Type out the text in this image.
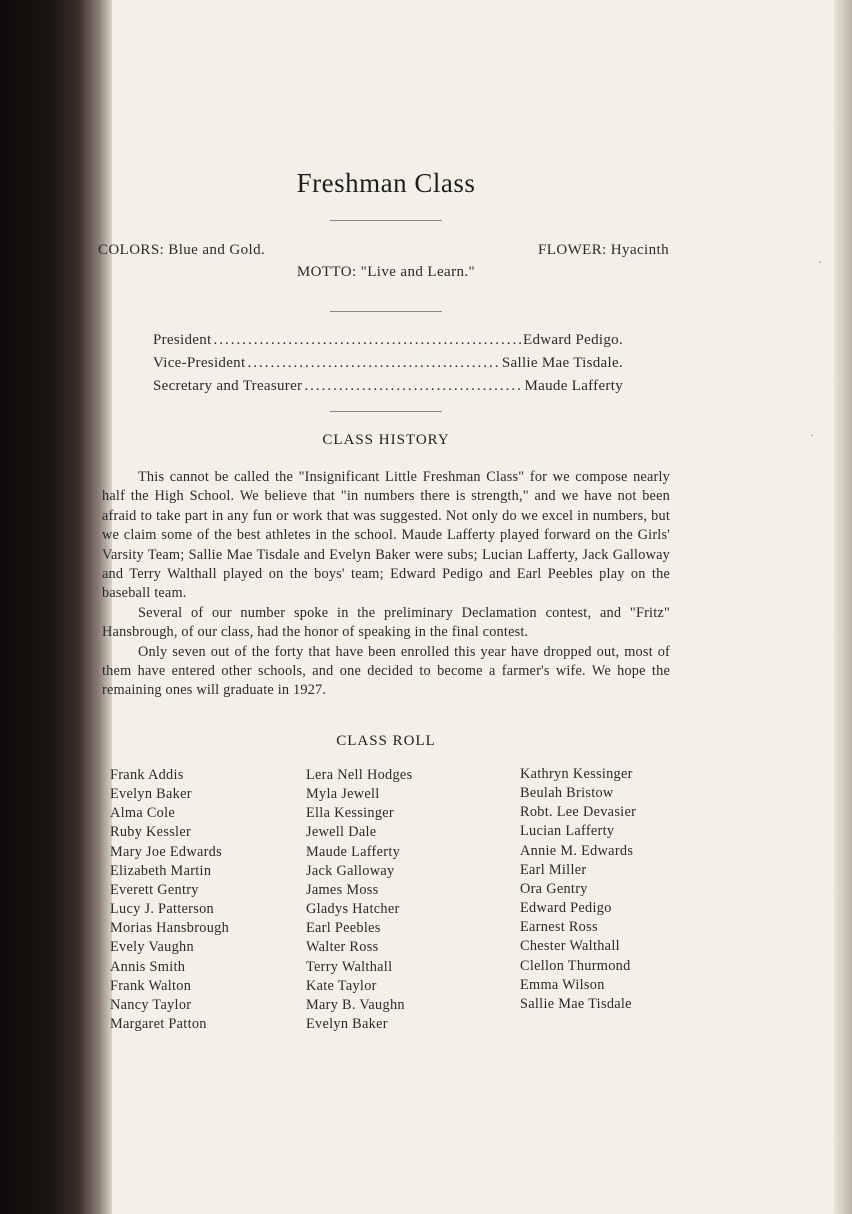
Freshman Class
COLORS: Blue and Gold.	FLOWER: Hyacinth
MOTTO: "Live and Learn."
President .....	Edward Pedigo.
Vice-President .....	Sallie Mae Tisdale.
Secretary and Treasurer .....	Maude Lafferty
CLASS HISTORY

This cannot be called the "Insignificant Little Freshman Class" for we compose nearly half the High School. We believe that "in numbers there is strength," and we have not been afraid to take part in any fun or work that was suggested. Not only do we excel in numbers, but we claim some of the best athletes in the school. Maude Lafferty played forward on the Girls' Varsity Team; Sallie Mae Tisdale and Evelyn Baker were subs; Lucian Lafferty, Jack Galloway and Terry Walthall played on the boys' team; Edward Pedigo and Earl Peebles play on the baseball team.

Several of our number spoke in the preliminary Declamation contest, and "Fritz" Hansbrough, of our class, had the honor of speaking in the final contest.

Only seven out of the forty that have been enrolled this year have dropped out, most of them have entered other schools, and one decided to become a farmer's wife. We hope the remaining ones will graduate in 1927.

CLASS ROLL
Frank Addis
Evelyn Baker
Alma Cole
Ruby Kessler
Mary Joe Edwards
Elizabeth Martin
Everett Gentry
Lucy J. Patterson
Morias Hansbrough
Evely Vaughn
Annis Smith
Frank Walton
Nancy Taylor
Margaret Patton
Lera Nell Hodges
Myla Jewell
Ella Kessinger
Jewell Dale
Maude Lafferty
Jack Galloway
James Moss
Gladys Hatcher
Earl Peebles
Walter Ross
Terry Walthall
Kate Taylor
Mary B. Vaughn
Evelyn Baker
Kathryn Kessinger
Beulah Bristow
Robt. Lee Devasier
Lucian Lafferty
Annie M. Edwards
Earl Miller
Ora Gentry
Edward Pedigo
Earnest Ross
Chester Walthall
Clellon Thurmond
Emma Wilson
Sallie Mae Tisdale
·
·
